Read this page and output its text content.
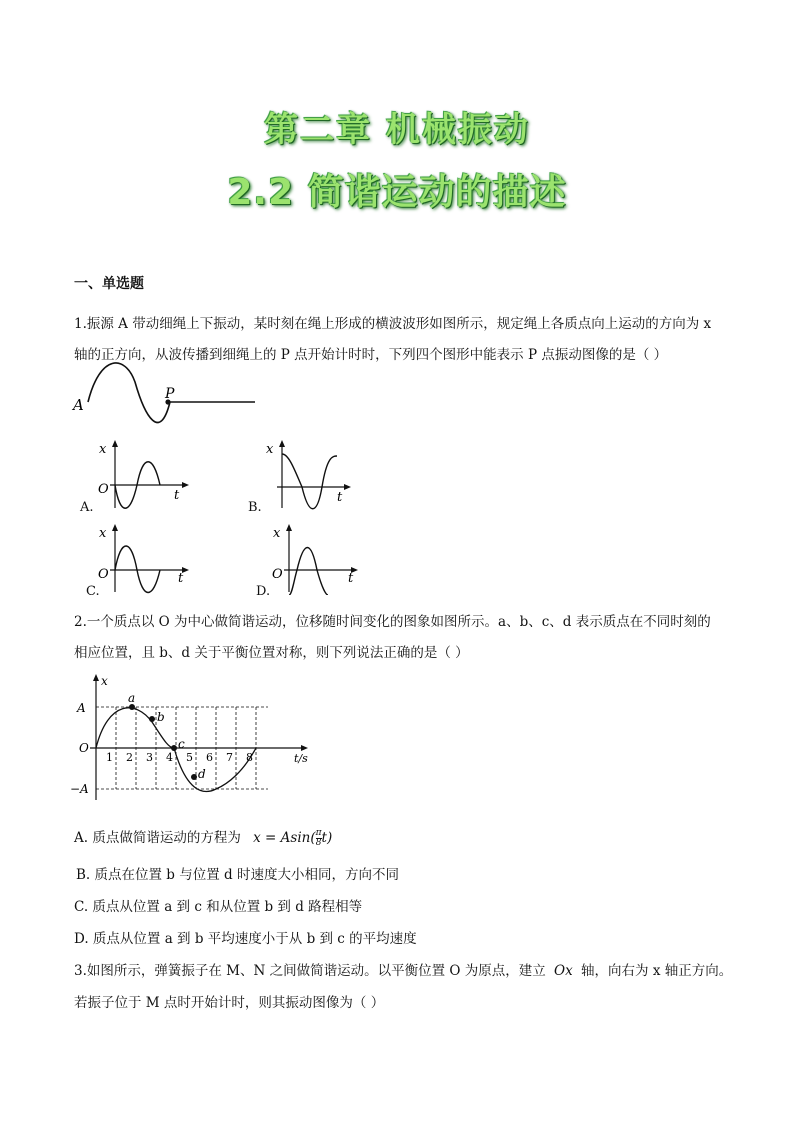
第二章 机械振动
2.2 简谐运动的描述
一、单选题
1.振源 A 带动细绳上下振动，某时刻在绳上形成的横波波形如图所示，规定绳上各质点向上运动的方向为 x
轴的正方向，从波传播到细绳上的 P 点开始计时时，下列四个图形中能表示 P 点振动图像的是（ ）
A
P
x
O	t
A.
x
t
B.
x
O	t
C.
x
O	t
D.
2.一个质点以 O 为中心做简谐运动，位移随时间变化的图象如图所示。a、b、c、d 表示质点在不同时刻的
相应位置，且 b、d 关于平衡位置对称，则下列说法正确的是（ ）
a
b
c
d
x
A
O
−A
t/s
1 2 3 4 5 6 7 8
A. 质点做简谐运动的方程为 $x = Asin( \frac{\pi}{8} t)$
B. 质点在位置 b 与位置 d 时速度大小相同，方向不同
C. 质点从位置 a 到 c 和从位置 b 到 d 路程相等
D. 质点从位置 a 到 b 平均速度小于从 b 到 c 的平均速度
3.如图所示，弹簧振子在 M、N 之间做简谐运动。以平衡位置 O 为原点，建立 Ox 轴，向右为 x 轴正方向。
若振子位于 M 点时开始计时，则其振动图像为（ ）
